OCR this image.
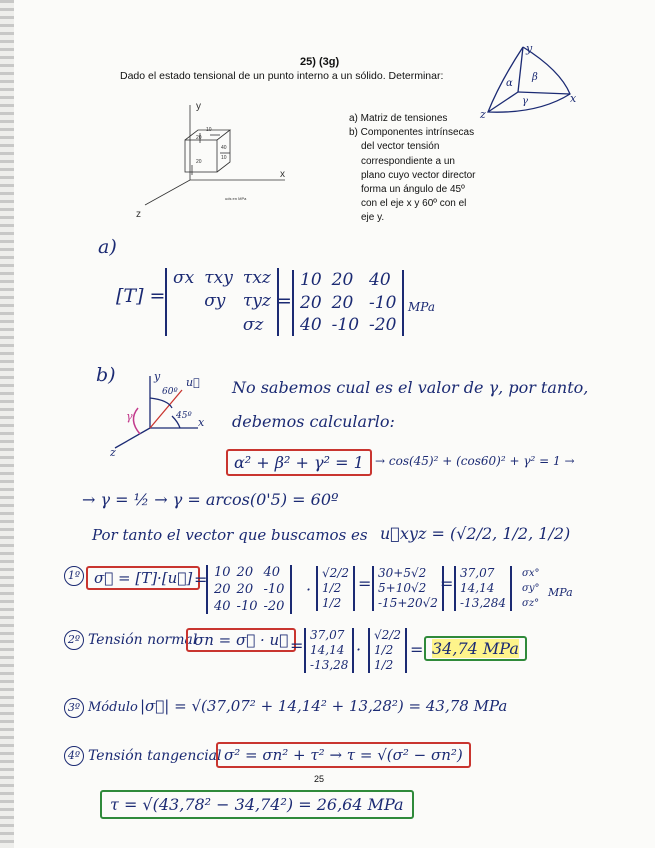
25) (3g)
Dado el estado tensional de un punto interno a un sólido. Determinar:
y
x
z
10
20
40
10
20
uds en MPa
a) Matriz de tensiones
b) Componentes intrínsecas
del vector tensión
correspondiente a un
plano cuyo vector director
forma un ángulo de 45º
con el eje x y 60º con el
eje y.
y
x
z
α
β
γ
a)
[T] =
σx τxy τxz
σy	τyz
σz
=
10 20 40
20 20 -10
40 -10 -20
MPa
b)	y
60º
u⃗
45º x
z
γ
No sabemos cual es el valor de γ, por tanto,
debemos calcularlo:
α² + β² + γ² = 1 → cos(45)² + (cos60)² + γ² = 1 →
→ γ = ½ → γ = arcos(0'5) = 60º
Por tanto el vector que buscamos es u⃗xyz = (√2/2, 1/2, 1/2)
1º σ⃗ = [T]·[u⃗] = 10 20 40
20 20 -10
40 -10 -20
·
√2/2
1/2
1/2
=
30+5√2
5+10√2
-15+20√2
=
37,07
14,14
-13,284
σx°
σy°
σz°
MPa
2º Tensión normal
σn = σ⃗ · u⃗ =
37,07
14,14
-13,28
·
√2/2
1/2
1/2
= 34,74 MPa
3º Módulo |σ⃗| = √(37,07² + 14,14² + 13,28²) = 43,78 MPa
4º Tensión tangencial σ² = σn² + τ² → τ = √(σ² − σn²)
25
τ = √(43,78² − 34,74²) = 26,64 MPa
